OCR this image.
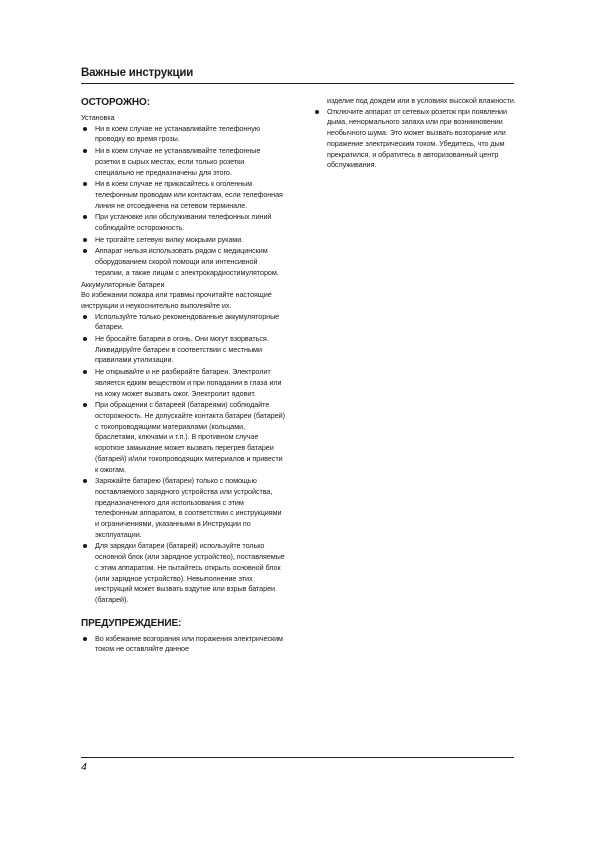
Важные инструкции
ОСТОРОЖНО:

Установка

Ни в коем случае не устанавливайте телефонную проводку во время грозы.
Ни в коем случае не устанавливайте телефонные розетки в сырых местах, если только розетки специально не предназначены для этого.
Ни в коем случае не прикасайтесь к оголенным телефонным проводам или контактам, если телефонная линия не отсоединена на сетевом терминале.
При установке или обслуживании телефонных линий соблюдайте осторожность.
Не трогайте сетевую вилку мокрыми руками.
Аппарат нельзя использовать рядом с медицинским оборудованием скорой помощи или интенсивной терапии, а также лицам с электрокардиостимулятором.

Аккумуляторные батареи

Во избежании пожара или травмы прочитайте настоящие инструкции и неукоснительно выполняйте их.

Используйте только рекомендованные аккумуляторные батареи.
Не бросайте батареи в огонь. Они могут взорваться. Ликвидируйте батареи в соответствии с местными правилами утилизации.
Не открывайте и не разбирайте батареи. Электролит является едким веществом и при попадании в глаза или на кожу может вызвать ожог. Электролит ядовит.
При обращении с батареей (батареями) соблюдайте осторожность. Не допускайте контакта батареи (батарей) с токопроводящими материалами (кольцами, браслетами, ключами и т.п.). В противном случае короткое замыкание может вызвать перегрев батареи (батарей) и/или токопроводящих материалов и привести к ожогам.
Заряжайте батарею (батареи) только с помощью поставляемого зарядного устройства или устройства, предназначенного для использования с этим телефонным аппаратом, в соответствии с инструкциями и ограничениями, указанными в Инструкции по эксплуатации.
Для зарядки батареи (батарей) используйте только основной блок (или зарядное устройство), поставляемые с этим аппаратом. Не пытайтесь открыть основной блок (или зарядное устройство). Невыполнение этих инструкций может вызвать вздутие или взрыв батареи (батарей).
ПРЕДУПРЕЖДЕНИЕ:
Во избежание возгорания или поражения электрическим током не оставляйте данное

изделие под дождем или в условиях высокой влажности.

Отключите аппарат от сетевых розеток при появлении дыма, ненормального запаха или при возникновении необычного шума. Это может вызвать возгорание или поражение электрическим током. Убедитесь, что дым прекратился, и обратитесь в авторизованный центр обслуживания.
4
